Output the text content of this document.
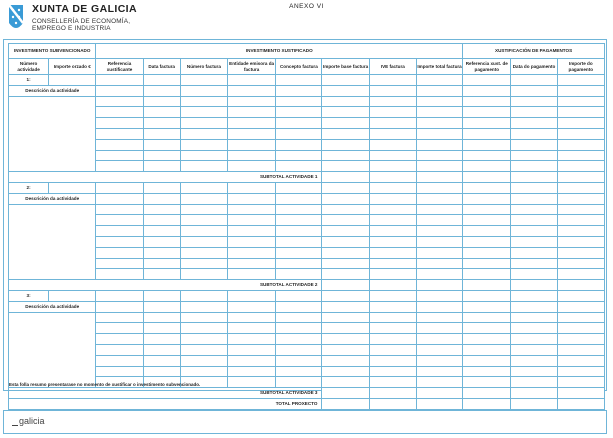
XUNTA DE GALICIA
CONSELLERÍA DE ECONOMÍA,
EMPREGO E INDUSTRIA
ANEXO VI
INVESTIMENTO SUBVENCIONADO		INVESTIMENTO XUSTIFICADO								XUSTIFICACIÓN DE PAGAMENTOS		
Número actividade	Importe orzado €	Referencia xustificante	Data factura	Número factura	Entidade emisora da factura	Concepto factura	Importe base factura	IVE factura	Importe total factura	Referencia xust. de pagamento	Data do pagamento	Importe do pagamento
1:												
Descrición da actividade												

SUBTOTAL ACTIVIDADE 1												
2:												
Descrición da actividade												

SUBTOTAL ACTIVIDADE 2												
3:												
Descrición da actividade												

SUBTOTAL ACTIVIDADE 3												
TOTAL PROXECTO												
Esta folla resumo presentarase no momento de xustificar o investimento subvencionado.
galicia
